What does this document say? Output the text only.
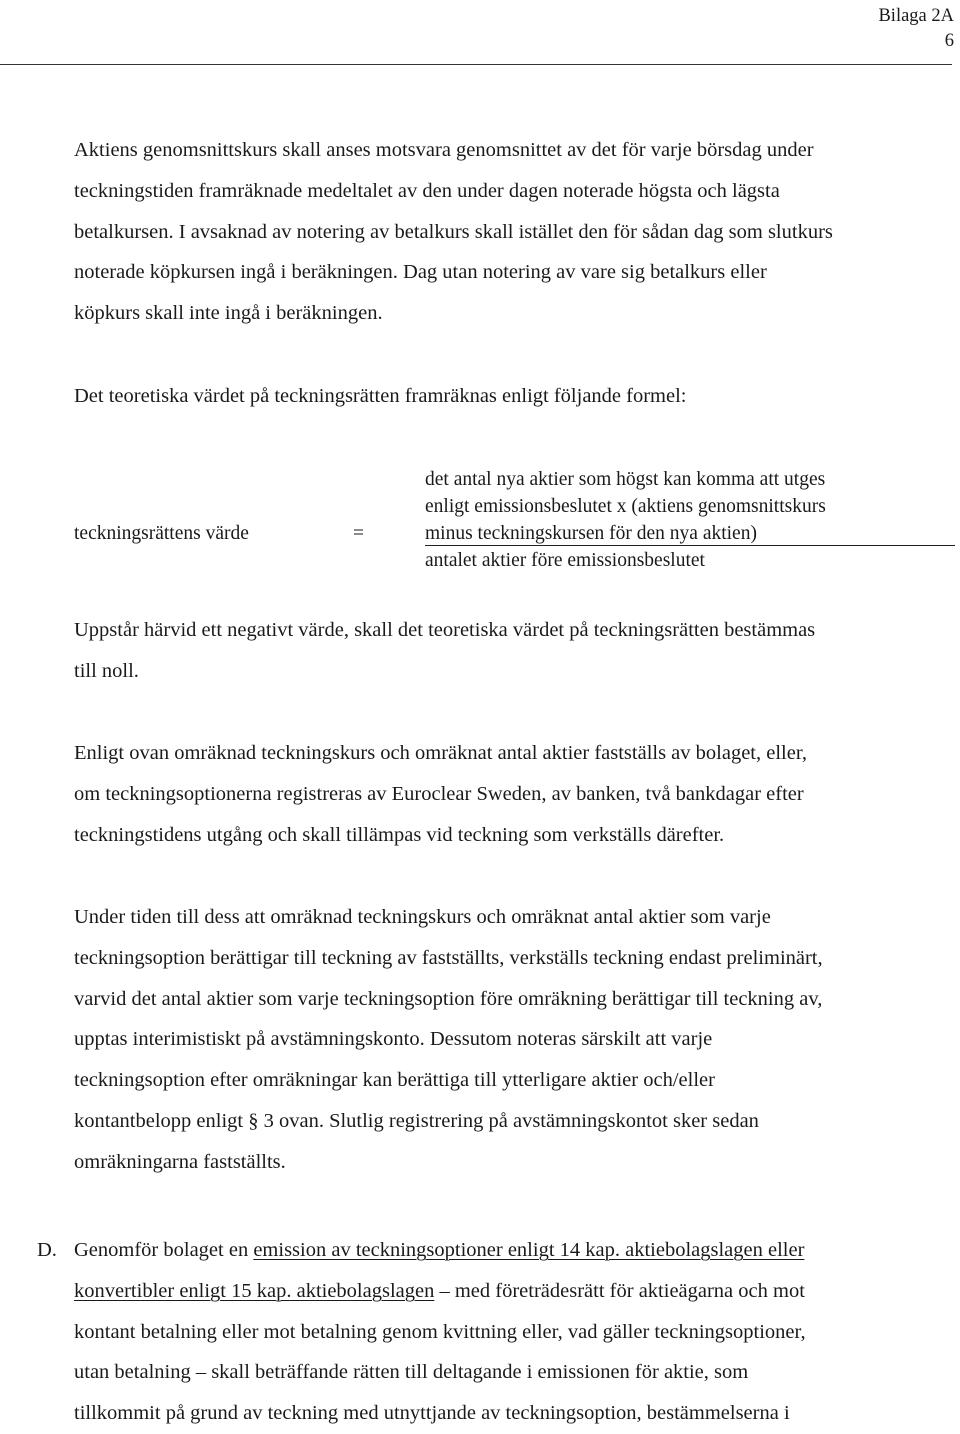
Bilaga 2A
6
Aktiens genomsnittskurs skall anses motsvara genomsnittet av det för varje börsdag under
teckningstiden framräknade medeltalet av den under dagen noterade högsta och lägsta
betalkursen. I avsaknad av notering av betalkurs skall istället den för sådan dag som slutkurs
noterade köpkursen ingå i beräkningen. Dag utan notering av vare sig betalkurs eller
köpkurs skall inte ingå i beräkningen.
Det teoretiska värdet på teckningsrätten framräknas enligt följande formel:
teckningsrättens värde	=
det antal nya aktier som högst kan komma att utges
enligt emissionsbeslutet x (aktiens genomsnittskurs
minus teckningskursen för den nya aktien)
antalet aktier före emissionsbeslutet
Uppstår härvid ett negativt värde, skall det teoretiska värdet på teckningsrätten bestämmas
till noll.
Enligt ovan omräknad teckningskurs och omräknat antal aktier fastställs av bolaget, eller,
om teckningsoptionerna registreras av Euroclear Sweden, av banken, två bankdagar efter
teckningstidens utgång och skall tillämpas vid teckning som verkställs därefter.
Under tiden till dess att omräknad teckningskurs och omräknat antal aktier som varje
teckningsoption berättigar till teckning av fastställts, verkställs teckning endast preliminärt,
varvid det antal aktier som varje teckningsoption före omräkning berättigar till teckning av,
upptas interimistiskt på avstämningskonto. Dessutom noteras särskilt att varje
teckningsoption efter omräkningar kan berättiga till ytterligare aktier och/eller
kontantbelopp enligt § 3 ovan. Slutlig registrering på avstämningskontot sker sedan
omräkningarna fastställts.
D. Genomför bolaget en emission av teckningsoptioner enligt 14 kap. aktiebolagslagen eller
konvertibler enligt 15 kap. aktiebolagslagen – med företrädesrätt för aktieägarna och mot
kontant betalning eller mot betalning genom kvittning eller, vad gäller teckningsoptioner,
utan betalning – skall beträffande rätten till deltagande i emissionen för aktie, som
tillkommit på grund av teckning med utnyttjande av teckningsoption, bestämmelserna i
